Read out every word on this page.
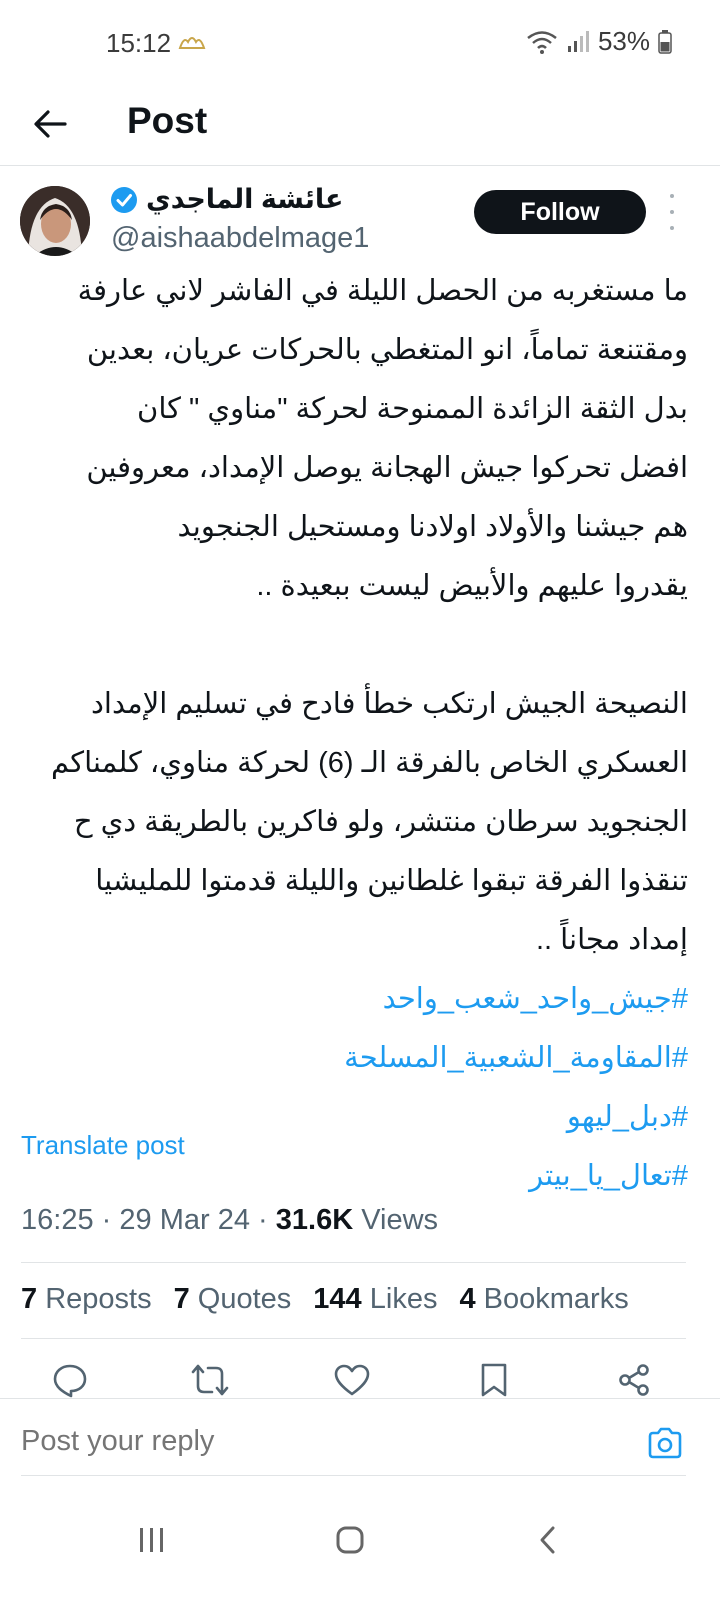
15:12	53%
Post
عائشة الماجدي
@aishaabdelmage1
Follow
ما مستغربه من الحصل الليلة في الفاشر لاني عارفة
ومقتنعة تماماً، انو المتغطي بالحركات عريان، بعدين
بدل الثقة الزائدة الممنوحة لحركة "مناوي " كان
افضل تحركوا جيش الهجانة يوصل الإمداد، معروفين
هم جيشنا والأولاد اولادنا ومستحيل الجنجويد
يقدروا عليهم والأبيض ليست ببعيدة ..
النصيحة الجيش ارتكب خطأ فادح في تسليم الإمداد
العسكري الخاص بالفرقة الـ (6) لحركة مناوي، كلمناكم
الجنجويد سرطان منتشر، ولو فاكرين بالطريقة دي ح
تنقذوا الفرقة تبقوا غلطانين والليلة قدمتوا للمليشيا
إمداد مجاناً ..
#جيش_واحد_شعب_واحد
#المقاومة_الشعبية_المسلحة
#دبل_ليهو
#تعال_يا_بيتر
Translate post
16:25 · 29 Mar 24 · 31.6K Views
7 Reposts 7 Quotes 144 Likes 4 Bookmarks
Post your reply
